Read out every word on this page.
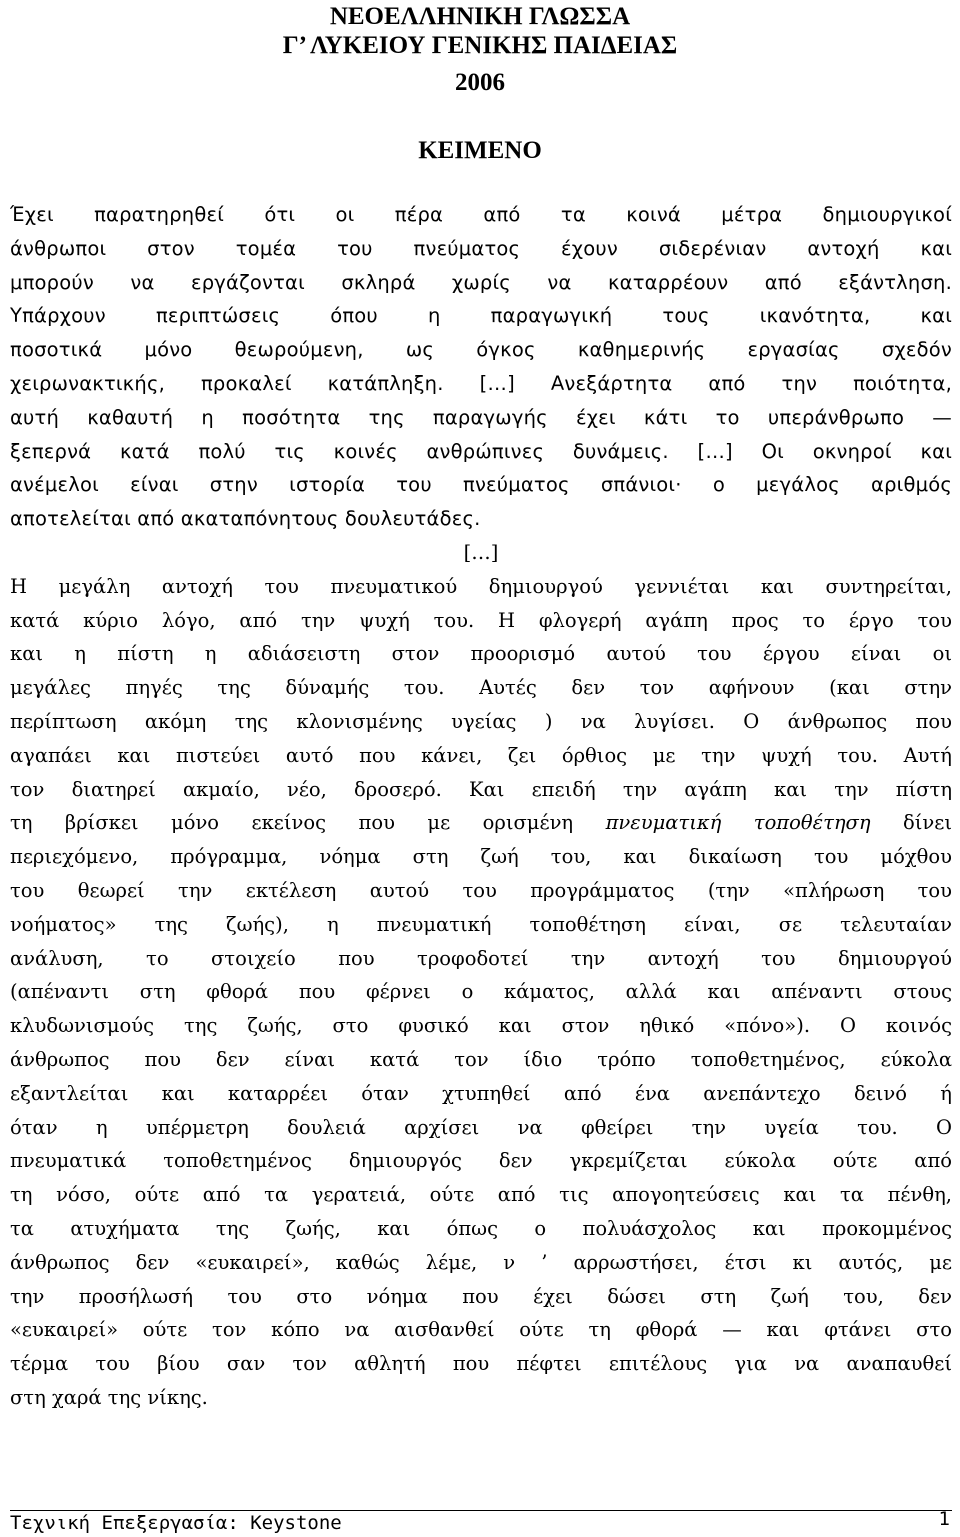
ΝΕΟΕΛΛΗΝΙΚΗ ΓΛΩΣΣΑ
Γ’ ΛΥΚΕΙΟΥ ΓΕΝΙΚΗΣ ΠΑΙΔΕΙΑΣ
2006
ΚΕΙΜΕΝΟ
Έχει παρατηρηθεί ότι οι πέρα από τα κοινά μέτρα δημιουργικοί
άνθρωποι στον τομέα του πνεύματος έχουν σιδερένιαν αντοχή και
μπορούν να εργάζονται σκληρά χωρίς να καταρρέουν από εξάντληση.
Υπάρχουν περιπτώσεις όπου η παραγωγική τους ικανότητα, και
ποσοτικά μόνο θεωρούμενη, ως όγκος καθημερινής εργασίας σχεδόν
χειρωνακτικής, προκαλεί κατάπληξη. […] Ανεξάρτητα από την ποιότητα,
αυτή καθαυτή η ποσότητα της παραγωγής έχει κάτι το υπεράνθρωπο —
ξεπερνά κατά πολύ τις κοινές ανθρώπινες δυνάμεις. […] Οι οκνηροί και
ανέμελοι είναι στην ιστορία του πνεύματος σπάνιοι· ο μεγάλος αριθμός
αποτελείται από ακαταπόνητους δουλευτάδες.
[…]
Η μεγάλη αντοχή του πνευματικού δημιουργού γεννιέται και συντηρείται,
κατά κύριο λόγο, από την ψυχή του. Η φλογερή αγάπη προς το έργο του
και η πίστη η αδιάσειστη στον προορισμό αυτού του έργου είναι οι
μεγάλες πηγές της δύναμής του. Αυτές δεν τον αφήνουν (και στην
περίπτωση ακόμη της κλονισμένης υγείας ) να λυγίσει. Ο άνθρωπος που
αγαπάει και πιστεύει αυτό που κάνει, ζει όρθιος με την ψυχή του. Αυτή
τον διατηρεί ακμαίο, νέο, δροσερό. Και επειδή την αγάπη και την πίστη
τη βρίσκει μόνο εκείνος που με ορισμένη πνευματική τοποθέτηση δίνει
περιεχόμενο, πρόγραμμα, νόημα στη ζωή του, και δικαίωση του μόχθου
του θεωρεί την εκτέλεση αυτού του προγράμματος (την «πλήρωση του
νοήματος» της ζωής), η πνευματική τοποθέτηση είναι, σε τελευταίαν
ανάλυση, το στοιχείο που τροφοδοτεί την αντοχή του δημιουργού
(απέναντι στη φθορά που φέρνει ο κάματος, αλλά και απέναντι στους
κλυδωνισμούς της ζωής, στο φυσικό και στον ηθικό «πόνο»). Ο κοινός
άνθρωπος που δεν είναι κατά τον ίδιο τρόπο τοποθετημένος, εύκολα
εξαντλείται και καταρρέει όταν χτυπηθεί από ένα ανεπάντεχο δεινό ή
όταν η υπέρμετρη δουλειά αρχίσει να φθείρει την υγεία του. Ο
πνευματικά τοποθετημένος δημιουργός δεν γκρεμίζεται εύκολα ούτε από
τη νόσο, ούτε από τα γερατειά, ούτε από τις απογοητεύσεις και τα πένθη,
τα ατυχήματα της ζωής, και όπως ο πολυάσχολος και προκομμένος
άνθρωπος δεν «ευκαιρεί», καθώς λέμε, ν ’ αρρωστήσει, έτσι κι αυτός, με
την προσήλωσή του στο νόημα που έχει δώσει στη ζωή του, δεν
«ευκαιρεί» ούτε τον κόπο να αισθανθεί ούτε τη φθορά — και φτάνει στο
τέρμα του βίου σαν τον αθλητή που πέφτει επιτέλους για να αναπαυθεί
στη χαρά της νίκης.
Τεχνική Επεξεργασία: Keystone	1
